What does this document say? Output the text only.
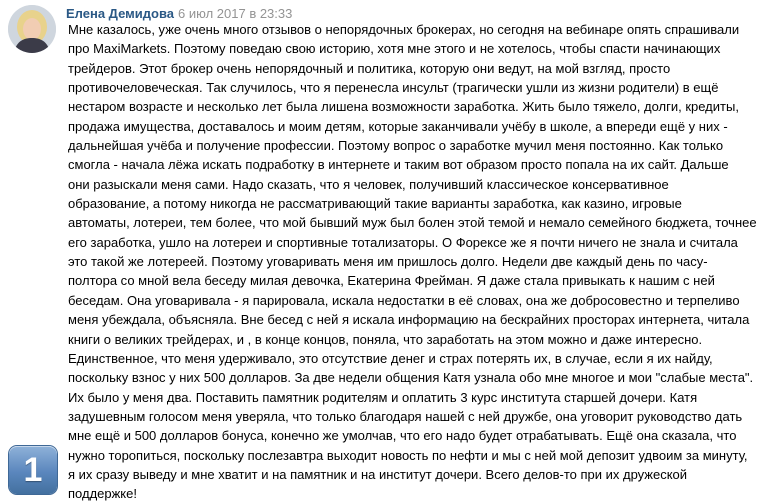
Елена Демидова 6 июл 2017 в 23:33
Мне казалось, уже очень много отзывов о непорядочных брокерах, но сегодня на вебинаре опять спрашивали
про MaxiMarkets. Поэтому поведаю свою историю, хотя мне этого и не хотелось, чтобы спасти начинающих
трейдеров. Этот брокер очень непорядочный и политика, которую они ведут, на мой взгляд, просто
противочеловеческая. Так случилось, что я перенесла инсульт (трагически ушли из жизни родители) в ещё
нестаром возрасте и несколько лет была лишена возможности заработка. Жить было тяжело, долги, кредиты,
продажа имущества, доставалось и моим детям, которые заканчивали учёбу в школе, а впереди ещё у них -
дальнейшая учёба и получение профессии. Поэтому вопрос о заработке мучил меня постоянно. Как только
смогла - начала лёжа искать подработку в интернете и таким вот образом просто попала на их сайт. Дальше
они разыскали меня сами. Надо сказать, что я человек, получивший классическое консервативное
образование, а потому никогда не рассматривающий такие варианты заработка, как казино, игровые
автоматы, лотереи, тем более, что мой бывший муж был болен этой темой и немало семейного бюджета, точнее
его заработка, ушло на лотереи и спортивные тотализаторы. О Форексе же я почти ничего не знала и считала
это такой же лотереей. Поэтому уговаривать меня им пришлось долго. Недели две каждый день по часу-
полтора со мной вела беседу милая девочка, Екатерина Фрейман. Я даже стала привыкать к нашим с ней
беседам. Она уговаривала - я парировала, искала недостатки в её словах, она же добросовестно и терпеливо
меня убеждала, объясняла. Вне бесед с ней я искала информацию на бескрайних просторах интернета, читала
книги о великих трейдерах, и , в конце концов, поняла, что заработать на этом можно и даже интересно.
Единственное, что меня удерживало, это отсутствие денег и страх потерять их, в случае, если я их найду,
поскольку взнос у них 500 долларов. За две недели общения Катя узнала обо мне многое и мои "слабые места".
Их было у меня два. Поставить памятник родителям и оплатить 3 курс института старшей дочери. Катя
задушевным голосом меня уверяла, что только благодаря нашей с ней дружбе, она уговорит руководство дать
мне ещё и 500 долларов бонуса, конечно же умолчав, что его надо будет отрабатывать. Ещё она сказала, что
нужно торопиться, поскольку послезавтра выходит новость по нефти и мы с ней мой депозит удвоим за минуту,
я их сразу выведу и мне хватит и на памятник и на институт дочери. Всего делов-то при их дружеской
поддержке!
1
